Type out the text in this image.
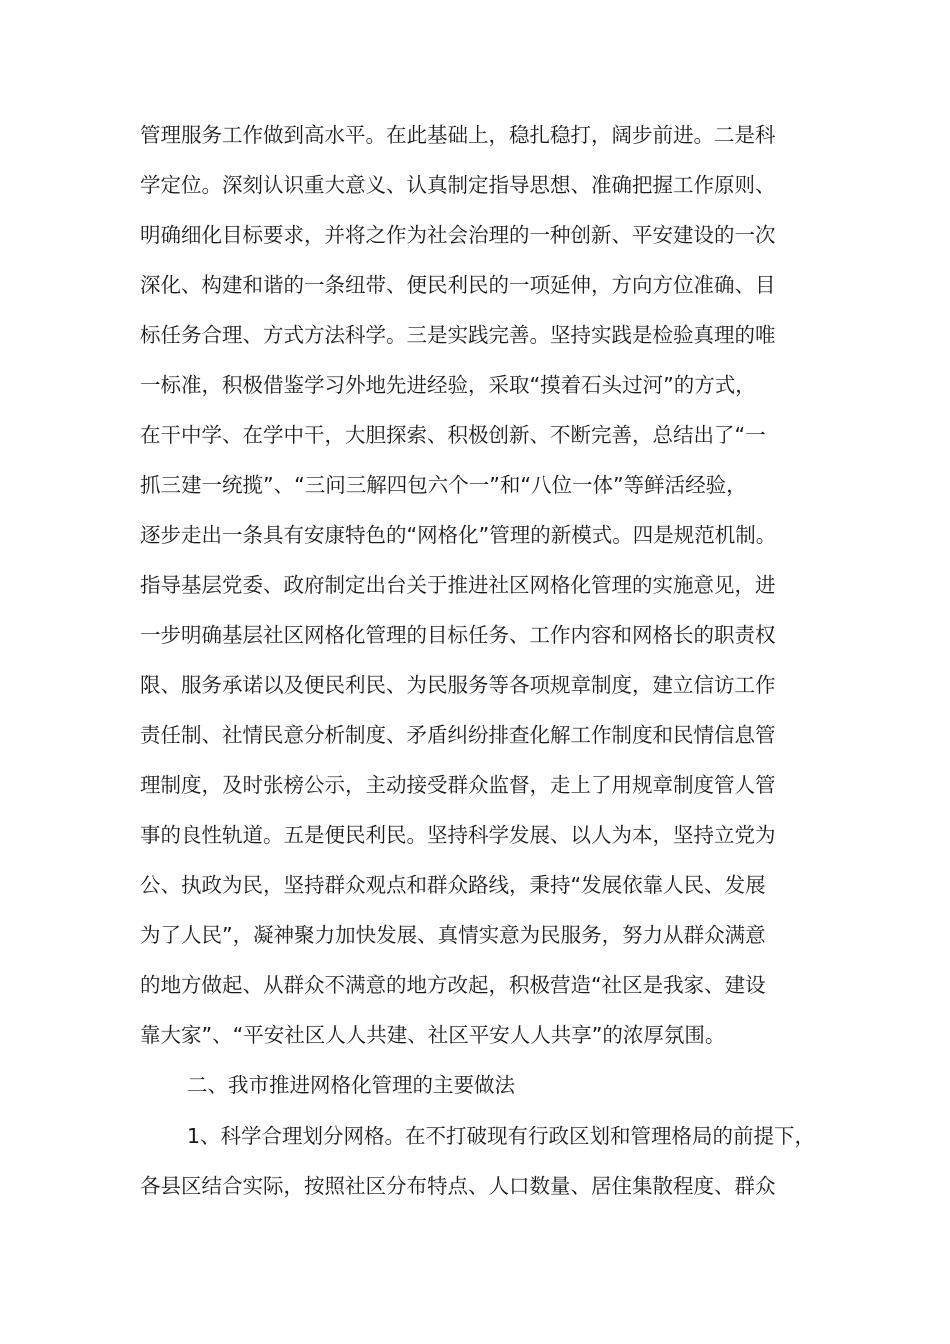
管理服务工作做到高水平。在此基础上，稳扎稳打，阔步前进。二是科
学定位。深刻认识重大意义、认真制定指导思想、准确把握工作原则、
明确细化目标要求，并将之作为社会治理的一种创新、平安建设的一次
深化、构建和谐的一条纽带、便民利民的一项延伸，方向方位准确、目
标任务合理、方式方法科学。三是实践完善。坚持实践是检验真理的唯
一标准，积极借鉴学习外地先进经验，采取“摸着石头过河”的方式，
在干中学、在学中干，大胆探索、积极创新、不断完善，总结出了“一
抓三建一统揽”、“三问三解四包六个一”和“八位一体”等鲜活经验，
逐步走出一条具有安康特色的“网格化”管理的新模式。四是规范机制。
指导基层党委、政府制定出台关于推进社区网格化管理的实施意见，进
一步明确基层社区网格化管理的目标任务、工作内容和网格长的职责权
限、服务承诺以及便民利民、为民服务等各项规章制度，建立信访工作
责任制、社情民意分析制度、矛盾纠纷排查化解工作制度和民情信息管
理制度，及时张榜公示，主动接受群众监督，走上了用规章制度管人管
事的良性轨道。五是便民利民。坚持科学发展、以人为本，坚持立党为
公、执政为民，坚持群众观点和群众路线，秉持“发展依靠人民、发展
为了人民”，凝神聚力加快发展、真情实意为民服务，努力从群众满意
的地方做起、从群众不满意的地方改起，积极营造“社区是我家、建设
靠大家”、“平安社区人人共建、社区平安人人共享”的浓厚氛围。
二、我市推进网格化管理的主要做法
1、科学合理划分网格。在不打破现有行政区划和管理格局的前提下，
各县区结合实际，按照社区分布特点、人口数量、居住集散程度、群众
